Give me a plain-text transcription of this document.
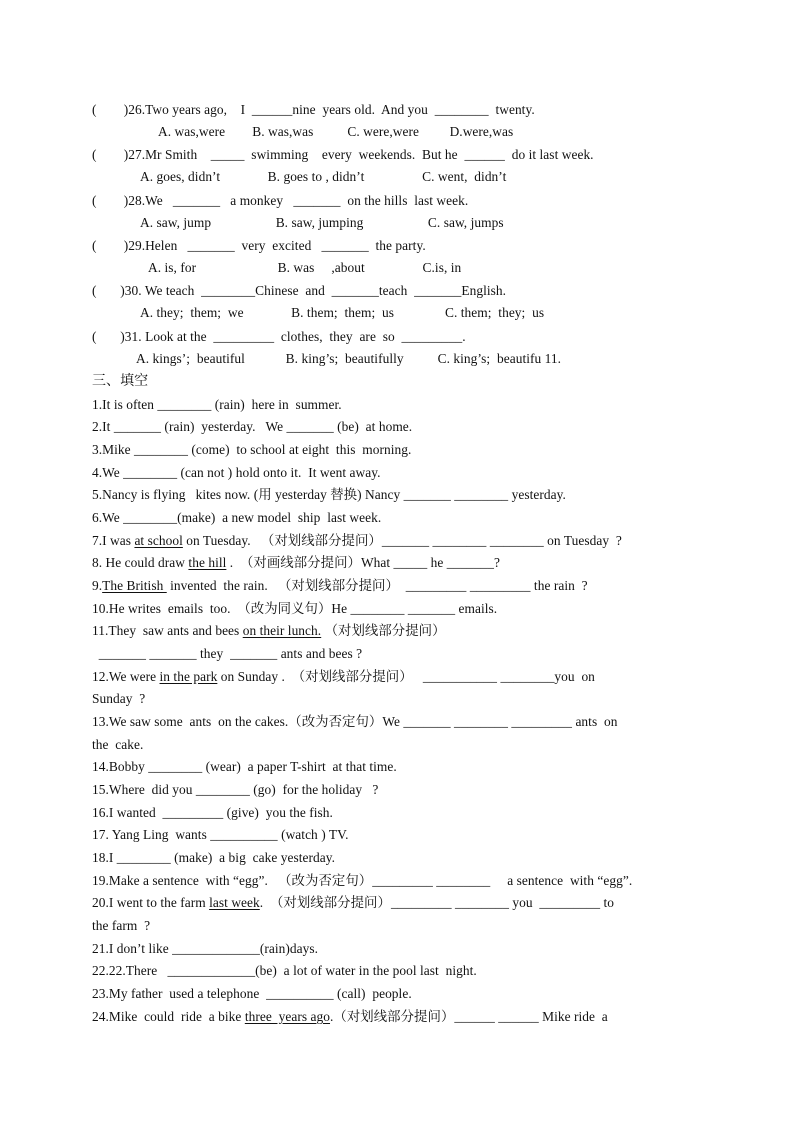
(        )26.Two years ago,    I  ______nine  years old.  And you  ________  twenty.
A. was,were        B. was,was          C. were,were         D.were,was
(        )27.Mr Smith    _____  swimming    every  weekends.  But he  ______  do it last week.
A. goes, didn’t              B. goes to , didn’t                 C. went,  didn’t
(        )28.We   _______   a monkey   _______  on the hills  last week.
A. saw, jump                   B. saw, jumping                   C. saw, jumps
(        )29.Helen   _______  very  excited   _______  the party.
A. is, for                        B. was     ,about                 C.is, in
(       )30. We teach  ________Chinese  and  _______teach  _______English.
A. they;  them;  we              B. them;  them;  us               C. them;  they;  us
(       )31. Look at the  _________  clothes,  they  are  so  _________.
A. kings’;  beautiful            B. king’s;  beautifully          C. king’s;  beautifu 11.
三、填空
1.It is often ________ (rain)  here in  summer.
2.It _______ (rain)  yesterday.   We _______ (be)  at home.
3.Mike ________ (come)  to school at eight  this  morning.
4.We ________ (can not ) hold onto it.  It went away.
5.Nancy is flying   kites now. (用 yesterday 替换) Nancy _______ ________ yesterday.
6.We ________(make)  a new model  ship  last week.
7.I was at school on Tuesday.   （对划线部分提问）_______ ________ ________ on Tuesday  ?
8. He could draw the hill .  （对画线部分提问）What _____ he _______?
9.The British  invented  the rain.   （对划线部分提问）  _________ _________ the rain  ?
10.He writes  emails  too.  （改为同义句）He ________ _______ emails.
11.They  saw ants and bees on their lunch. （对划线部分提问）
_______ _______ they  _______ ants and bees ?
12.We were in the park on Sunday .  （对划线部分提问）   ___________ ________you  on
Sunday  ?
13.We saw some  ants  on the cakes.（改为否定句）We _______ ________ _________ ants  on
the  cake.
14.Bobby ________ (wear)  a paper T-shirt  at that time.
15.Where  did you ________ (go)  for the holiday   ?
16.I wanted  _________ (give)  you the fish.
17. Yang Ling  wants __________ (watch ) TV.
18.I ________ (make)  a big  cake yesterday.
19.Make a sentence  with “egg”.   （改为否定句）_________ ________     a sentence  with “egg”.
20.I went to the farm last week.  （对划线部分提问）_________ ________ you  _________ to
the farm  ?
21.I don’t like _____________(rain)days.
22.22.There   _____________(be)  a lot of water in the pool last  night.
23.My father  used a telephone  __________ (call)  people.
24.Mike  could  ride  a bike three  years ago.（对划线部分提问）______ ______ Mike ride  a
